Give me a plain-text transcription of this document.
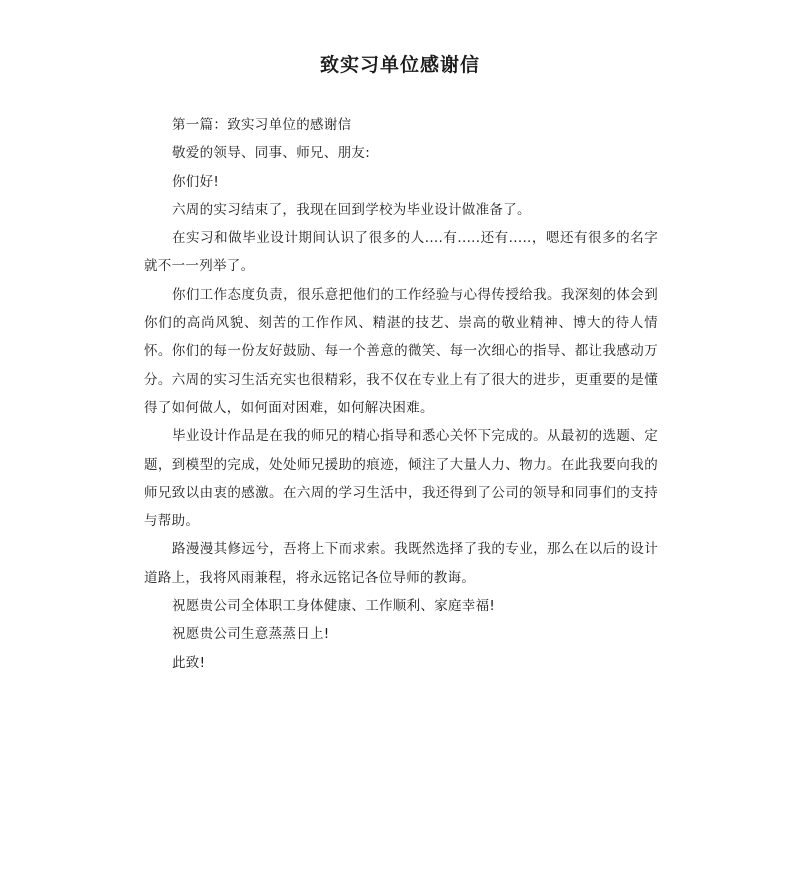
致实习单位感谢信

第一篇：致实习单位的感谢信

敬爱的领导、同事、师兄、朋友:

你们好!

六周的实习结束了，我现在回到学校为毕业设计做准备了。

在实习和做毕业设计期间认识了很多的人....有.....还有.....，嗯还有很多的名字就不一一列举了。

你们工作态度负责，很乐意把他们的工作经验与心得传授给我。我深刻的体会到你们的高尚风貌、刻苦的工作作风、精湛的技艺、崇高的敬业精神、博大的待人情怀。你们的每一份友好鼓励、每一个善意的微笑、每一次细心的指导、都让我感动万分。六周的实习生活充实也很精彩，我不仅在专业上有了很大的进步，更重要的是懂得了如何做人，如何面对困难，如何解决困难。

毕业设计作品是在我的师兄的精心指导和悉心关怀下完成的。从最初的选题、定题，到模型的完成，处处师兄援助的痕迹，倾注了大量人力、物力。在此我要向我的师兄致以由衷的感激。在六周的学习生活中，我还得到了公司的领导和同事们的支持与帮助。

路漫漫其修远兮，吾将上下而求索。我既然选择了我的专业，那么在以后的设计道路上，我将风雨兼程，将永远铭记各位导师的教诲。

祝愿贵公司全体职工身体健康、工作顺利、家庭幸福!

祝愿贵公司生意蒸蒸日上!

此致!
